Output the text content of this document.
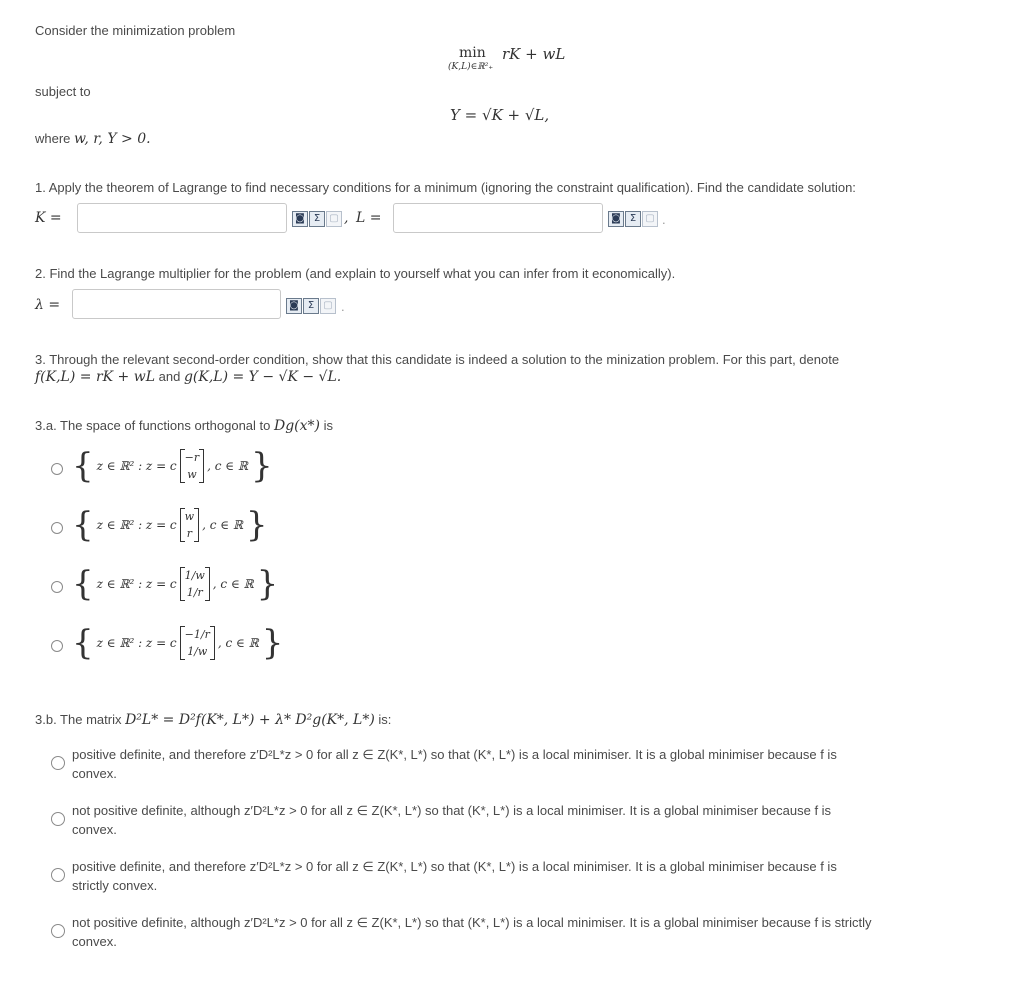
Consider the minimization problem
min
(K,L)∈ℝ²₊
rK + wL
subject to
Y = √K + √L,
where w, r, Y > 0.
1. Apply the theorem of Lagrange to find necessary conditions for a minimum (ignoring the constraint qualification). Find the candidate solution:
K =	◙ Σ ▢ , L =	◙ Σ ▢ .
2. Find the Lagrange multiplier for the problem (and explain to yourself what you can infer from it economically).
λ =	◙ Σ ▢ .
3. Through the relevant second-order condition, show that this candidate is indeed a solution to the minization problem. For this part, denote
f(K,L) = rK + wL and g(K,L) = Y − √K − √L.
3.a. The space of functions orthogonal to Dg(x*) is
{ z ∈ ℝ² : z = c
−r
w
, c ∈ ℝ }
{ z ∈ ℝ² : z = c
w
r
, c ∈ ℝ }
{ z ∈ ℝ² : z = c
1/w
1/r
, c ∈ ℝ }
{ z ∈ ℝ² : z = c
−1/r
1/w
, c ∈ ℝ }
3.b. The matrix D²L* = D²f(K*, L*) + λ* D²g(K*, L*) is:
positive definite, and therefore z′D²L*z > 0 for all z ∈ Z(K*, L*) so that (K*, L*) is a local minimiser. It is a global minimiser because f is
convex.
not positive definite, although z′D²L*z > 0 for all z ∈ Z(K*, L*) so that (K*, L*) is a local minimiser. It is a global minimiser because f is
convex.
positive definite, and therefore z′D²L*z > 0 for all z ∈ Z(K*, L*) so that (K*, L*) is a local minimiser. It is a global minimiser because f is
strictly convex.
not positive definite, although z′D²L*z > 0 for all z ∈ Z(K*, L*) so that (K*, L*) is a local minimiser. It is a global minimiser because f is strictly
convex.
